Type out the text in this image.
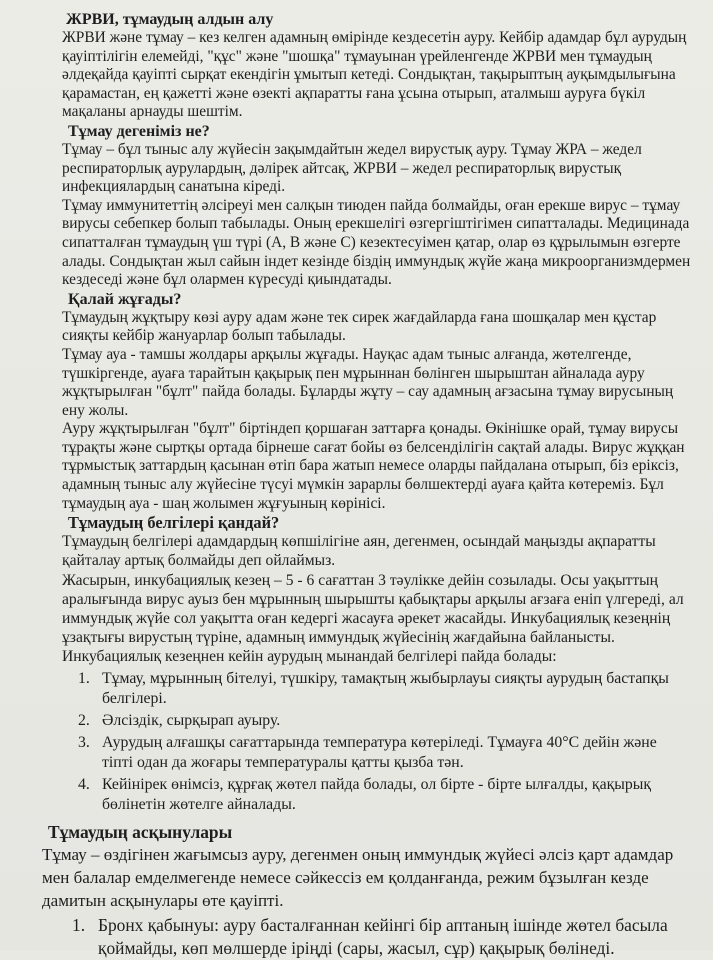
ЖРВИ, тұмаудың алдын алу

ЖРВИ және тұмау – кез келген адамның өмірінде кездесетін ауру. Кейбір адамдар бұл аурудың қауіптілігін елемейді, "құс" және "шошқа" тұмауынан үрейленгенде ЖРВИ мен тұмаудың әлдеқайда қауіпті сырқат екендігін ұмытып кетеді. Сондықтан, тақырыптың ауқымдылығына қарамастан, ең қажетті және өзекті ақпаратты ғана ұсына отырып, аталмыш ауруға бүкіл мақаланы арнауды шештім.

Тұмау дегеніміз не?

Тұмау – бұл тыныс алу жүйесін зақымдайтын жедел вирустық ауру. Тұмау ЖРА – жедел респираторлық аурулардың, дәлірек айтсақ, ЖРВИ – жедел респираторлық вирустық инфекциялардың санатына кіреді.

Тұмау иммунитеттің әлсіреуі мен салқын тиюден пайда болмайды, оған ерекше вирус – тұмау вирусы себепкер болып табылады. Оның ерекшелігі өзгергіштігімен сипатталады. Медицинада сипатталған тұмаудың үш түрі (А, В және С) кезектесуімен қатар, олар өз құрылымын өзгерте алады. Сондықтан жыл сайын індет кезінде біздің иммундық жүйе жаңа микроорганизмдермен кездеседі және бұл олармен күресуді қиындатады.

Қалай жұғады?

Тұмаудың жұқтыру көзі ауру адам және тек сирек жағдайларда ғана шошқалар мен құстар сияқты кейбір жануарлар болып табылады.

Тұмау ауа - тамшы жолдары арқылы жұғады. Науқас адам тыныс алғанда, жөтелгенде, түшкіргенде, ауаға тарайтын қақырық пен мұрыннан бөлінген шырыштан айналада ауру жұқтырылған "бұлт" пайда болады. Бұларды жұту – сау адамның ағзасына тұмау вирусының ену жолы.

Ауру жұқтырылған "бұлт" біртіндеп қоршаған заттарға қонады. Өкінішке орай, тұмау вирусы тұрақты және сыртқы ортада бірнеше сағат бойы өз белсенділігін сақтай алады. Вирус жұққан тұрмыстық заттардың қасынан өтіп бара жатып немесе оларды пайдалана отырып, біз еріксіз, адамның тыныс алу жүйесіне түсуі мүмкін зарарлы бөлшектерді ауаға қайта көтереміз. Бұл тұмаудың ауа - шаң жолымен жұғуының көрінісі.

Тұмаудың белгілері қандай?

Тұмаудың белгілері адамдардың көпшілігіне аян, дегенмен, осындай маңызды ақпаратты қайталау артық болмайды деп ойлаймыз.

Жасырын, инкубациялық кезең – 5 - 6 сағаттан 3 тәулікке дейін созылады. Осы уақыттың аралығында вирус ауыз бен мұрынның шырышты қабықтары арқылы ағзаға еніп үлгереді, ал иммундық жүйе сол уақытта оған кедергі жасауға әрекет жасайды. Инкубациялық кезеңнің ұзақтығы вирустың түріне, адамның иммундық жүйесінің жағдайына байланысты. Инкубациялық кезеңнен кейін аурудың мынандай белгілері пайда болады:

1. Тұмау, мұрынның бітелуі, түшкіру, тамақтың жыбырлауы сияқты аурудың бастапқы белгілері.
2. Әлсіздік, сырқырап ауыру.
3. Аурудың алғашқы сағаттарында температура көтеріледі. Тұмауға 40°С дейін және тіпті одан да жоғары температуралы қатты қызба тән.
4. Кейінірек өнімсіз, құрғақ жөтел пайда болады, ол бірте - бірте ылғалды, қақырық бөлінетін жөтелге айналады.
Тұмаудың асқынулары

Тұмау – өздігінен жағымсыз ауру, дегенмен оның иммундық жүйесі әлсіз қарт адамдар мен балалар емделмегенде немесе сәйкессіз ем қолданғанда, режим бұзылған кезде дамитын асқынулары өте қауіпті.

1. Бронх қабынуы: ауру басталғаннан кейінгі бір аптаның ішінде жөтел басыла қоймайды, көп мөлшерде іріңді (сары, жасыл, сұр) қақырық бөлінеді.
